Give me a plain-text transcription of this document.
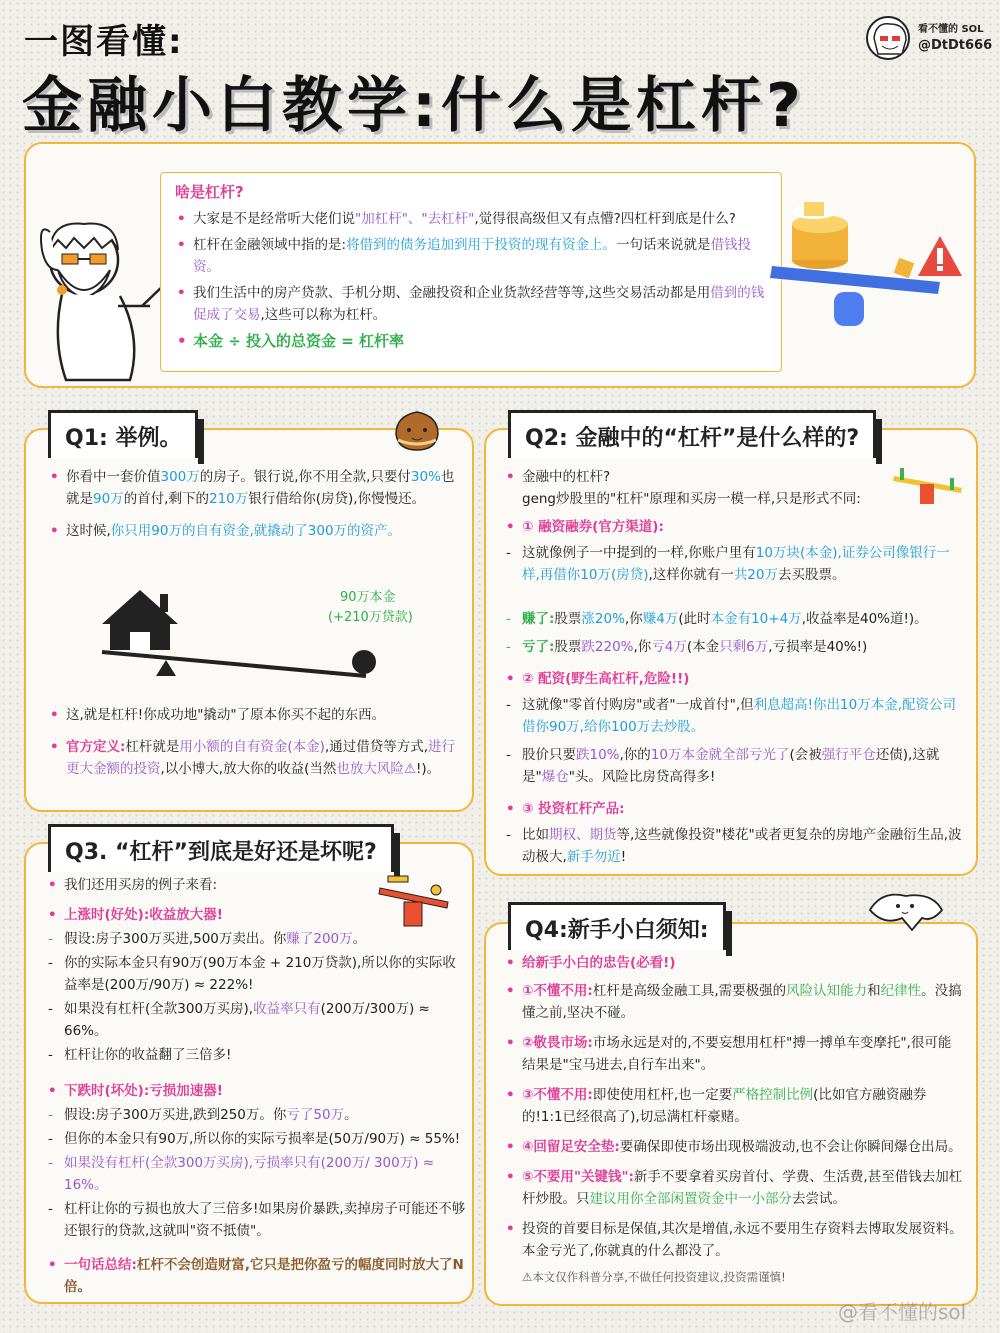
一图看懂:
金融小白教学:什么是杠杆?
看不懂的 SOL
@DtDt666
啥是杠杆?
• 大家是不是经常听大佬们说"加杠杆"、"去杠杆",觉得很高级但又有点懵?四杠杆到底是什么?
• 杠杆在金融领域中指的是:将借到的债务追加到用于投资的现有资金上。一句话来说就是借钱投资。
• 我们生活中的房产贷款、手机分期、金融投资和企业货款经营等等,这些交易活动都是用借到的钱促成了交易,这些可以称为杠杆。
• 本金 ÷ 投入的总资金 = 杠杆率
• 你看中一套价值300万的房子。银行说,你不用全款,只要付30%也就是90万的首付,剩下的210万银行借给你(房贷),你慢慢还。
• 这时候,你只用90万的自有资金,就撬动了300万的资产。
90万本金
(+210万贷款)
• 这,就是杠杆!你成功地"撬动"了原本你买不起的东西。
• 官方定义:杠杆就是用小额的自有资金(本金),通过借贷等方式,进行更大金额的投资,以小博大,放大你的收益(当然也放大风险⚠!)。
Q1: 举例。
• 金融中的杠杆?
geng炒股里的"杠杆"原理和买房一模一样,只是形式不同:
• ① 融资融券(官方渠道):
- 这就像例子一中提到的一样,你账户里有10万块(本金),证券公司像银行一样,再借你10万(房贷),这样你就有一共20万去买股票。
- 赚了:股票涨20%,你赚4万(此时本金有10+4万,收益率是40%道!)。
- 亏了:股票跌220%,你亏4万(本金只剩6万,亏损率是40%!)
• ② 配资(野生高杠杆,危险!!)
- 这就像"零首付购房"或者"一成首付",但利息超高!你出10万本金,配资公司借你90万,给你100万去炒股。
- 股价只要跌10%,你的10万本金就全部亏光了(会被强行平仓还债),这就是"爆仓"头。风险比房贷高得多!
• ③ 投资杠杆产品:
- 比如期权、期货等,这些就像投资"楼花"或者更复杂的房地产金融衍生品,波动极大,新手勿近!
Q2: 金融中的“杠杆”是什么样的?
• 我们还用买房的例子来看:
• 上涨时(好处):收益放大器!
- 假设:房子300万买进,500万卖出。你赚了200万。
- 你的实际本金只有90万(90万本金 + 210万贷款),所以你的实际收益率是(200万/90万) ≈ 222%!
- 如果没有杠杆(全款300万买房),收益率只有(200万/300万) ≈ 66%。
- 杠杆让你的收益翻了三倍多!
• 下跌时(坏处):亏损加速器!
- 假设:房子300万买进,跌到250万。你亏了50万。
- 但你的本金只有90万,所以你的实际亏损率是(50万/90万) ≈ 55%!
- 如果没有杠杆(全款300万买房),亏损率只有(200万/ 300万) ≈ 16%。
- 杠杆让你的亏损也放大了三倍多!如果房价暴跌,卖掉房子可能还不够还银行的贷款,这就叫"资不抵债"。
• 一句话总结:杠杆不会创造财富,它只是把你盈亏的幅度同时放大了N倍。
Q3. “杠杆”到底是好还是坏呢?
• 给新手小白的忠告(必看!)
• ①不懂不用:杠杆是高级金融工具,需要极强的风险认知能力和纪律性。没搞懂之前,坚决不碰。
• ②敬畏市场:市场永远是对的,不要妄想用杠杆"搏一搏单车变摩托",很可能结果是"宝马进去,自行车出来"。
• ③不懂不用:即使使用杠杆,也一定要严格控制比例(比如官方融资融券的!1:1已经很高了),切忌满杠杆豪赌。
• ④回留足安全垫:要确保即使市场出现极端波动,也不会让你瞬间爆仓出局。
• ⑤不要用"关键钱":新手不要拿着买房首付、学费、生活费,甚至借钱去加杠杆炒股。只建议用你全部闲置资金中一小部分去尝试。
• 投资的首要目标是保值,其次是增值,永远不要用生存资料去博取发展资料。本金亏光了,你就真的什么都没了。
⚠本文仅作科普分享,不做任何投资建议,投资需谨慎!
Q4:新手小白须知:
@看不懂的sol
